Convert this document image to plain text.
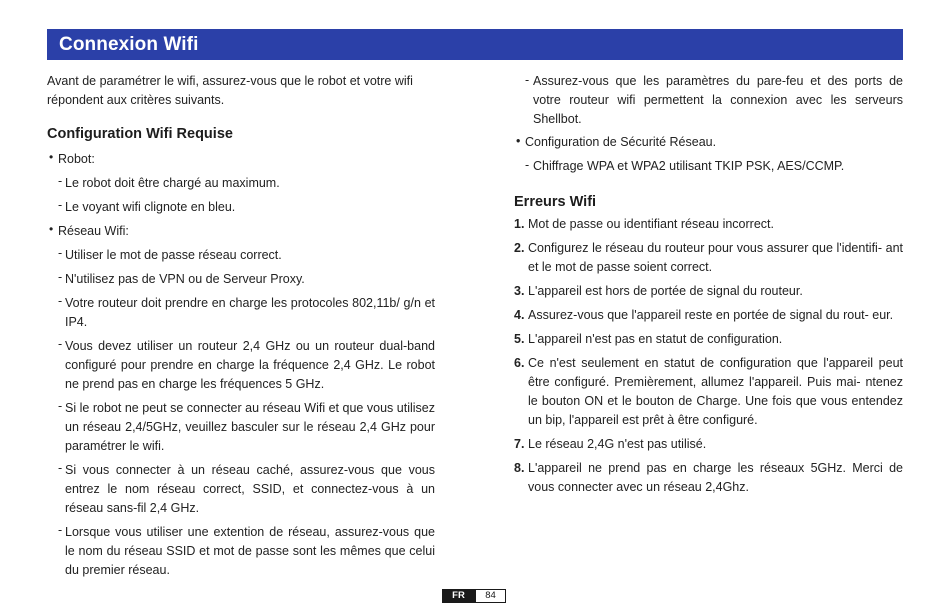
Connexion Wifi

Avant de paramétrer le wifi, assurez-vous que le robot et votre wifi répondent aux critères suivants.

Configuration Wifi Requise
• Robot:
- Le robot doit être chargé au maximum.
- Le voyant wifi clignote en bleu.
• Réseau Wifi:
- Utiliser le mot de passe réseau correct.
- N'utilisez pas de VPN ou de Serveur Proxy.
- Votre routeur doit prendre en charge les protocoles 802,11b/ g/n et IP4.
- Vous devez utiliser un routeur 2,4 GHz ou un routeur dual-band configuré pour prendre en charge la fréquence 2,4 GHz. Le robot ne prend pas en charge les fréquences 5 GHz.
- Si le robot ne peut se connecter au réseau Wifi et que vous utilisez un réseau 2,4/5GHz, veuillez basculer sur le réseau 2,4 GHz pour paramétrer le wifi.
- Si vous connecter à un réseau caché, assurez-vous que vous entrez le nom réseau correct, SSID, et connectez-vous à un réseau sans-fil 2,4 GHz.
- Lorsque vous utiliser une extention de réseau, assurez-vous que le nom du réseau SSID et mot de passe sont les mêmes que celui du premier réseau.
- Assurez-vous que les paramètres du pare-feu et des ports de votre routeur wifi permettent la connexion avec les serveurs Shellbot.
• Configuration de Sécurité Réseau.
- Chiffrage WPA et WPA2 utilisant TKIP PSK, AES/CCMP.
Erreurs Wifi
1. Mot de passe ou identifiant réseau incorrect.
2. Configurez le réseau du routeur pour vous assurer que l'identifi- ant et le mot de passe soient correct.
3. L'appareil est hors de portée de signal du routeur.
4. Assurez-vous que l'appareil reste en portée de signal du rout- eur.
5. L'appareil n'est pas en statut de configuration.
6. Ce n'est seulement en statut de configuration que l'appareil peut être configuré. Premièrement, allumez l'appareil. Puis mai- ntenez le bouton ON et le bouton de Charge. Une fois que vous entendez un bip, l'appareil est prêt à être configuré.
7. Le réseau 2,4G n'est pas utilisé.
8. L'appareil ne prend pas en charge les réseaux 5GHz. Merci de vous connecter avec un réseau 2,4Ghz.
FR	84
